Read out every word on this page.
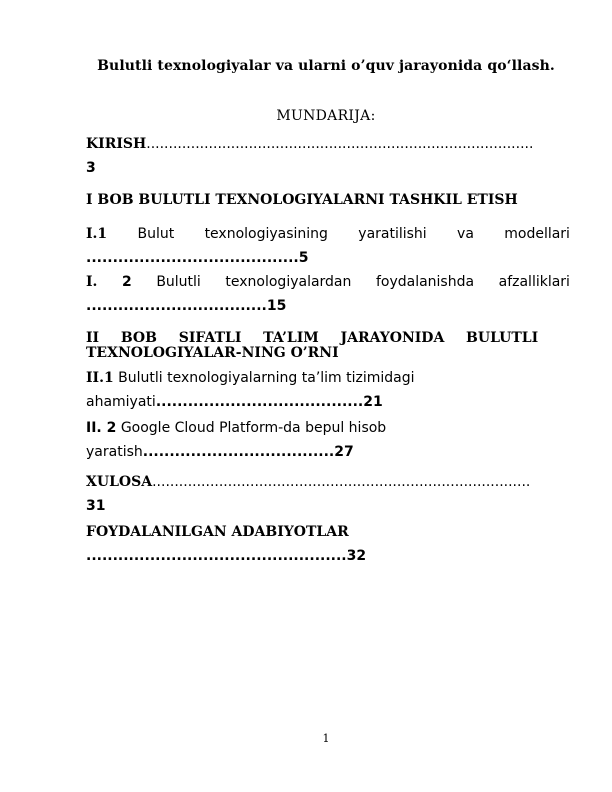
Bulutli texnologiyalar va ularni o’quv jarayonida qo‘llash.
MUNDARIJA:
KIRISH.......................................................................................
3
I BOB BULUTLI TEXNOLOGIYALARNI TASHKIL ETISH
I.1 Bulut texnologiyasining yaratilishi va modellari
........................................5
I. 2 Bulutli texnologiyalardan foydalanishda afzalliklari
..................................15
II BOB SIFATLI TA’LIM JARAYONIDA BULUTLI
TEXNOLOGIYALAR-NING O’RNI
II.1 Bulutli texnologiyalarning ta’lim tizimidagi
ahamiyati.......................................21
II. 2 Google Cloud Platform-da bepul hisob
yaratish....................................27
XULOSA.....................................................................................
31
FOYDALANILGAN ADABIYOTLAR
.................................................32
1
